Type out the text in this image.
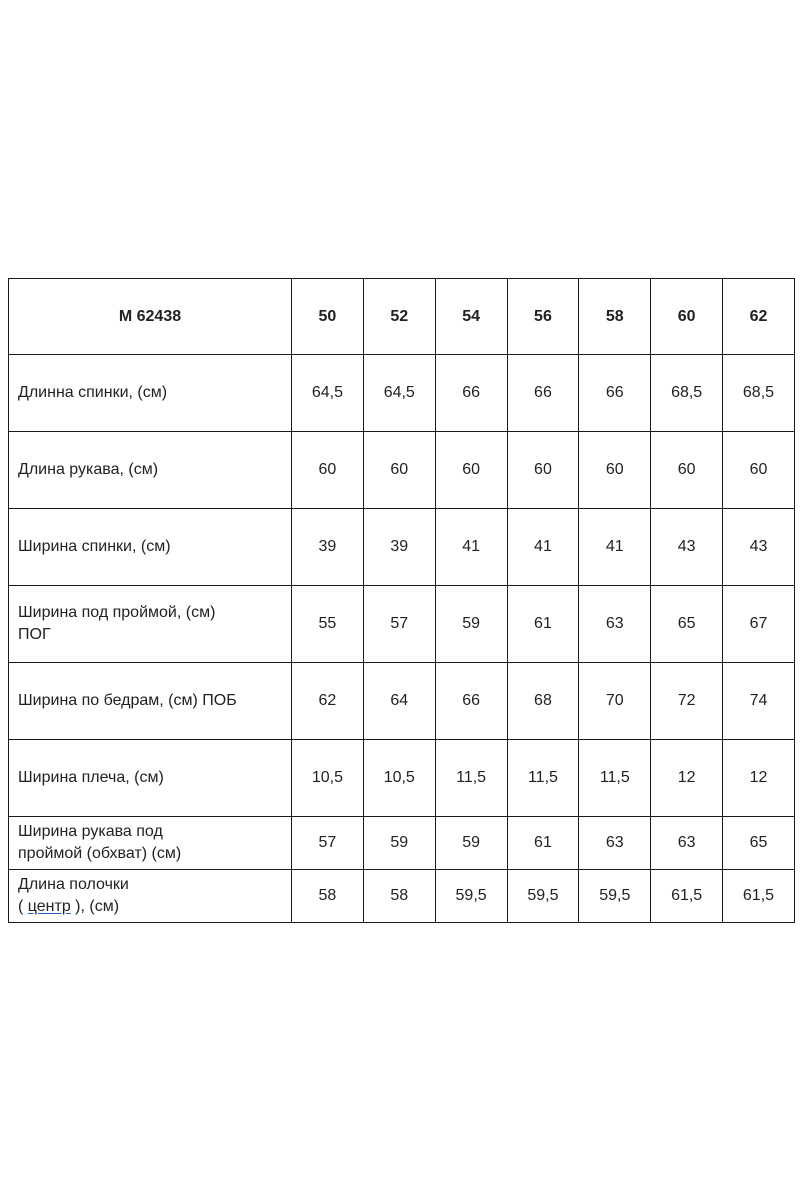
М 62438	50	52	54	56	58	60	62

Длинна спинки, (см)	64,5	64,5	66	66	66	68,5	68,5

Длина рукава, (см)	60	60	60	60	60	60	60

Ширина спинки, (см)	39	39	41	41	41	43	43

Ширина под проймой, (см)
ПОГ	55	57	59	61	63	65	67

Ширина по бедрам, (см) ПОБ	62	64	66	68	70	72	74

Ширина плеча, (см)	10,5	10,5	11,5	11,5	11,5	12	12

Ширина рукава под
проймой (обхват) (см)	57	59	59	61	63	63	65

Длина полочки
( центр ), (см)	58	58	59,5	59,5	59,5	61,5	61,5
